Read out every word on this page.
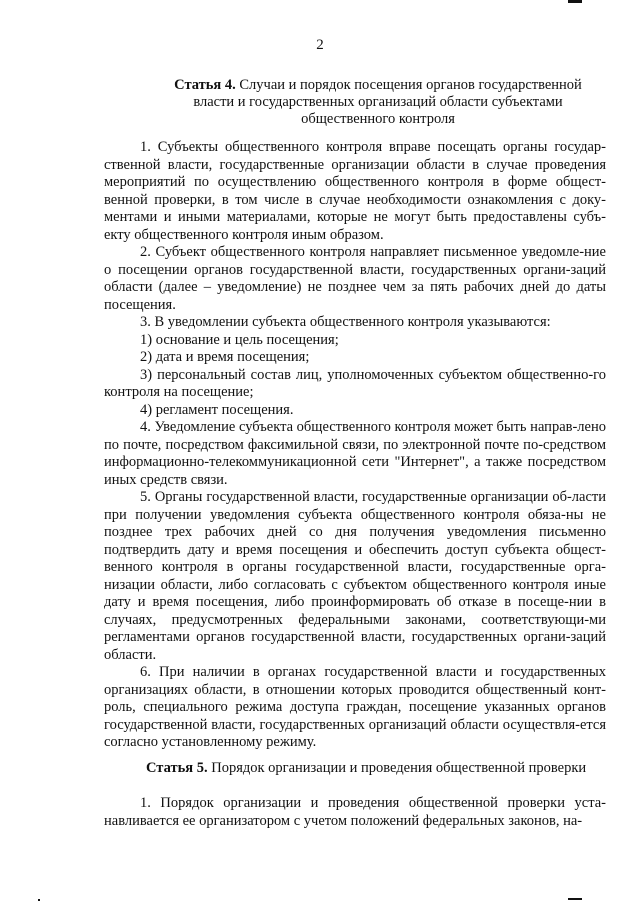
2
Статья 4. Случаи и порядок посещения органов государственной
власти и государственных организаций области субъектами
общественного контроля

1. Субъекты общественного контроля вправе посещать органы государ-ственной власти, государственные организации области в случае проведения мероприятий по осуществлению общественного контроля в форме общест-венной проверки, в том числе в случае необходимости ознакомления с доку-ментами и иными материалами, которые не могут быть предоставлены субъ-екту общественного контроля иным образом.

2. Субъект общественного контроля направляет письменное уведомле-ние о посещении органов государственной власти, государственных органи-заций области (далее – уведомление) не позднее чем за пять рабочих дней до даты посещения.

3. В уведомлении субъекта общественного контроля указываются:

1) основание и цель посещения;

2) дата и время посещения;

3) персональный состав лиц, уполномоченных субъектом общественно-го контроля на посещение;

4) регламент посещения.

4. Уведомление субъекта общественного контроля может быть направ-лено по почте, посредством факсимильной связи, по электронной почте по-средством информационно-телекоммуникационной сети "Интернет", а также посредством иных средств связи.

5. Органы государственной власти, государственные организации об-ласти при получении уведомления субъекта общественного контроля обяза-ны не позднее трех рабочих дней со дня получения уведомления письменно подтвердить дату и время посещения и обеспечить доступ субъекта общест-венного контроля в органы государственной власти, государственные орга-низации области, либо согласовать с субъектом общественного контроля иные дату и время посещения, либо проинформировать об отказе в посеще-нии в случаях, предусмотренных федеральными законами, соответствующи-ми регламентами органов государственной власти, государственных органи-заций области.

6. При наличии в органах государственной власти и государственных организациях области, в отношении которых проводится общественный конт-роль, специального режима доступа граждан, посещение указанных органов государственной власти, государственных организаций области осуществля-ется согласно установленному режиму.

Статья 5. Порядок организации и проведения общественной проверки

1. Порядок организации и проведения общественной проверки уста-навливается ее организатором с учетом положений федеральных законов, на-
